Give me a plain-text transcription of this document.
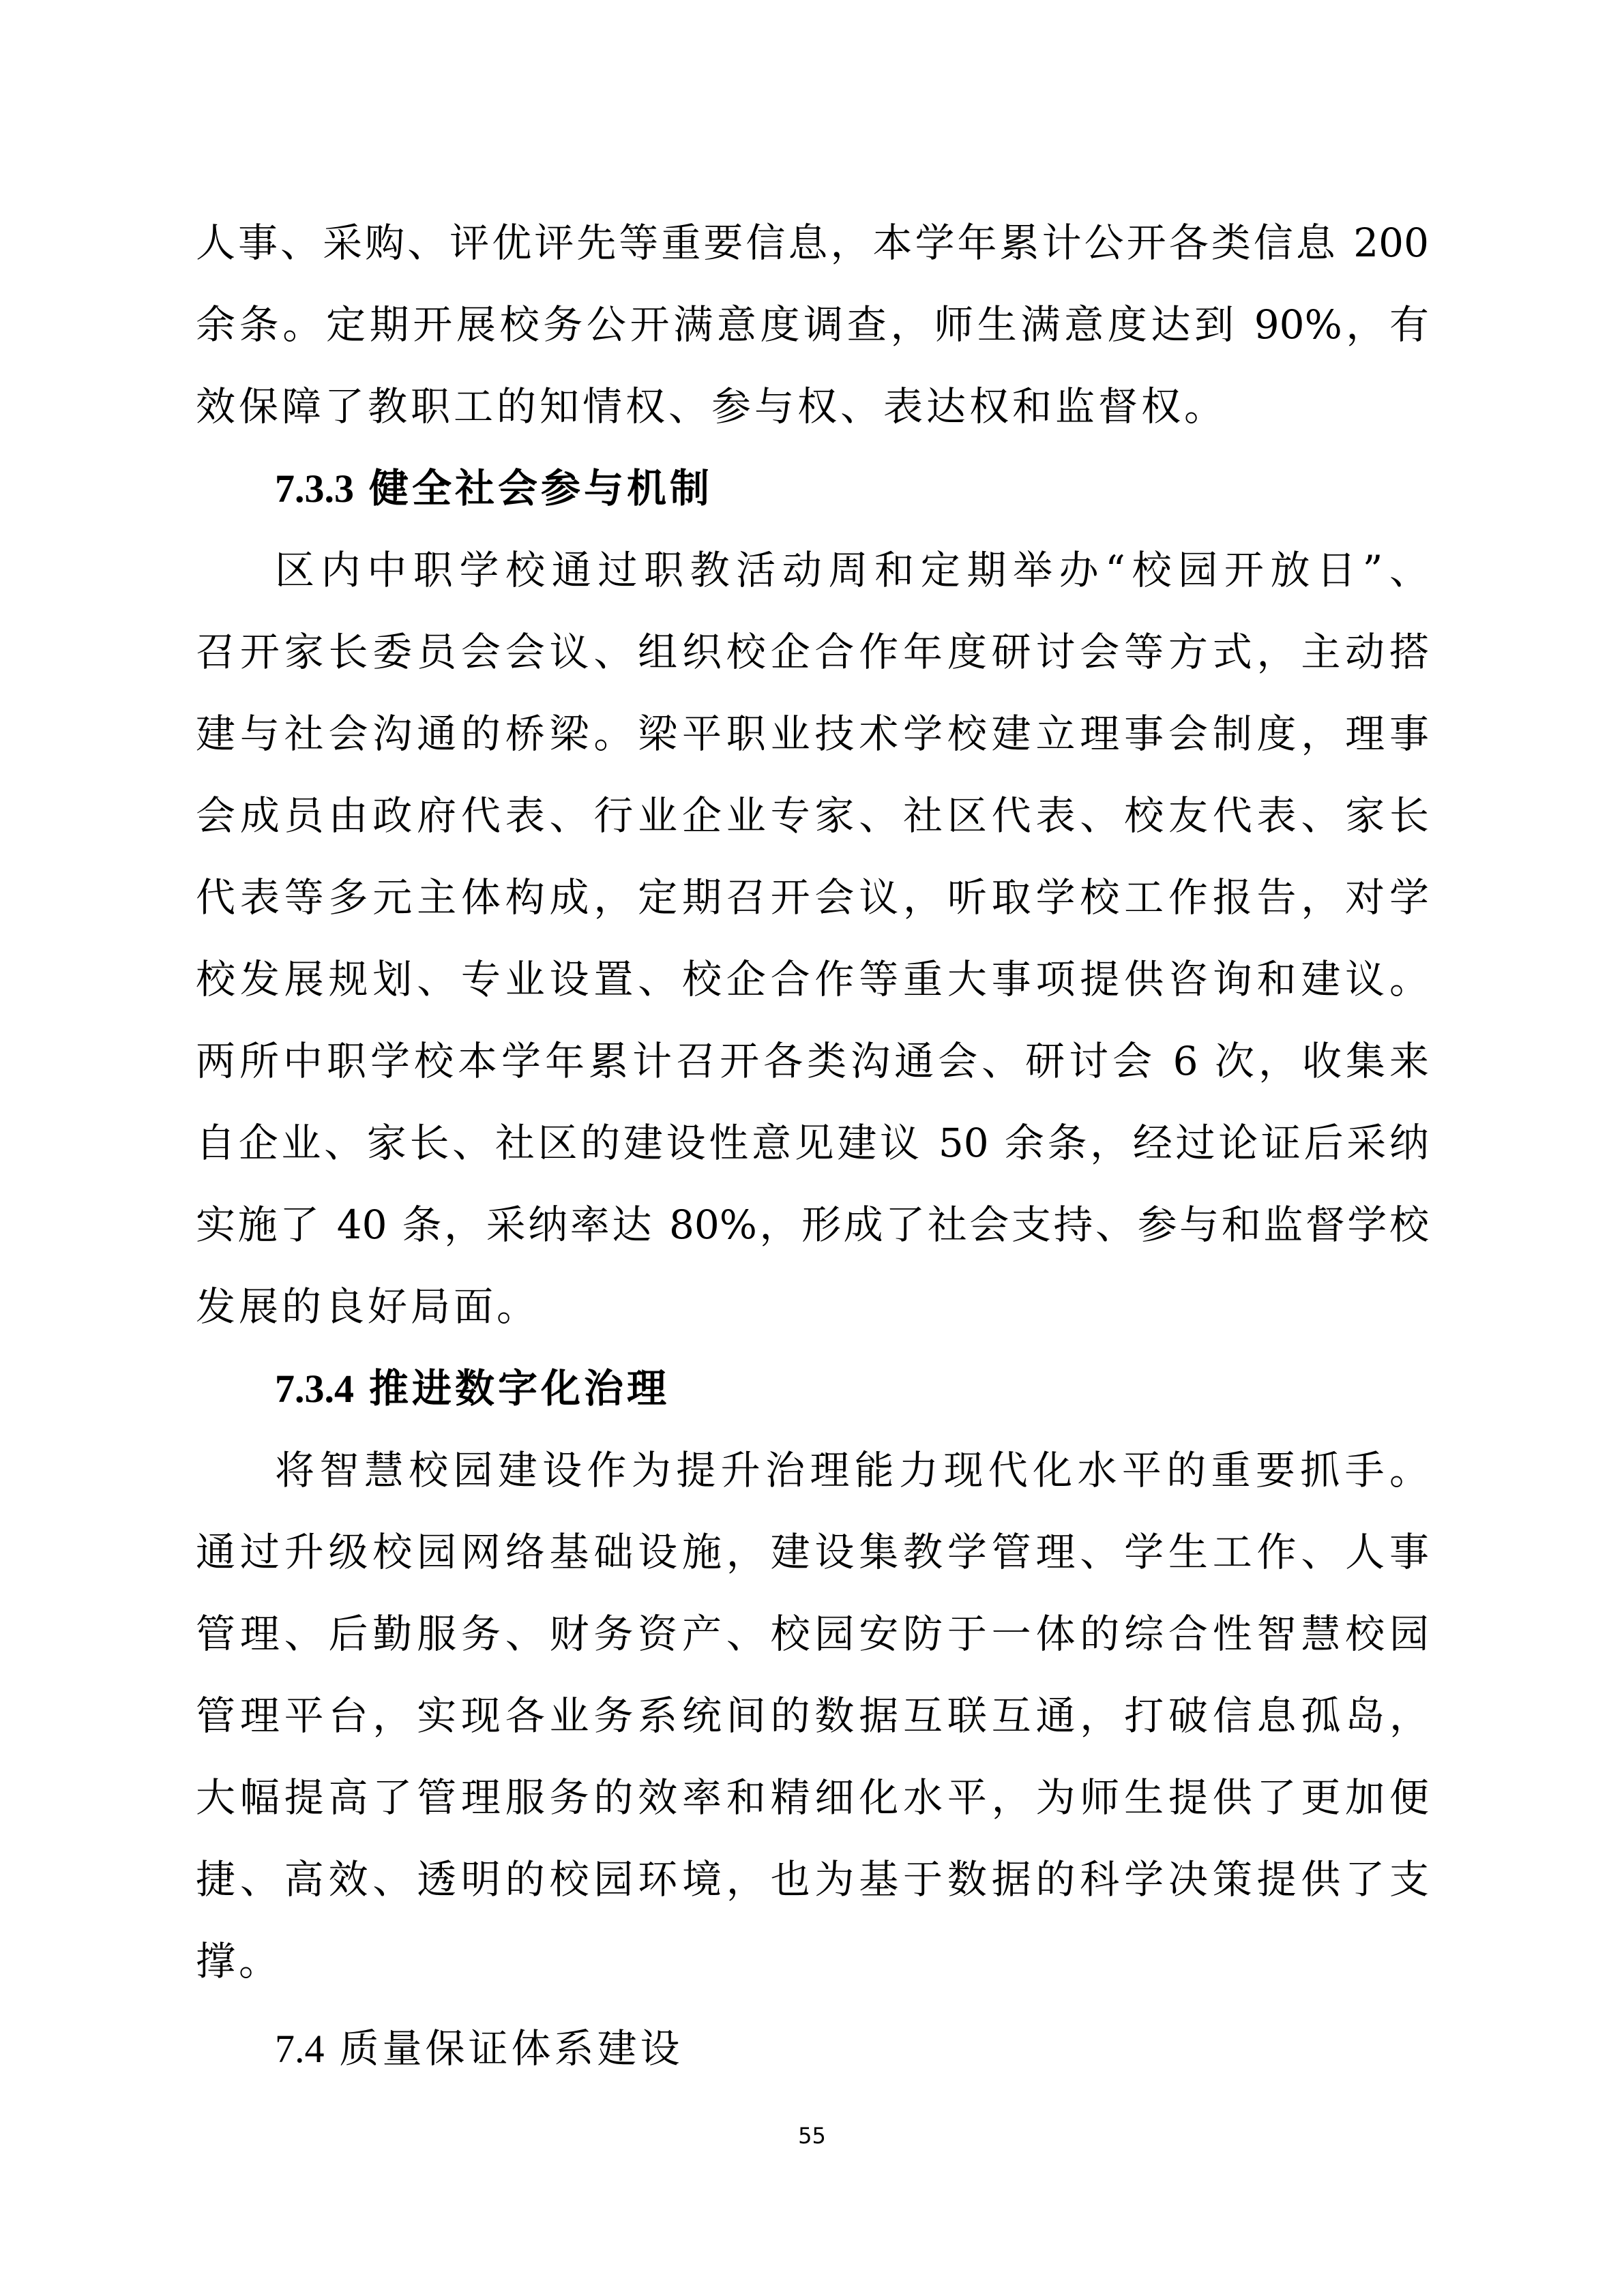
人事、采购、评优评先等重要信息，本学年累计公开各类信息 200
余条。定期开展校务公开满意度调查，师生满意度达到 90%，有
效保障了教职工的知情权、参与权、表达权和监督权。
7.3.3 健全社会参与机制
区内中职学校通过职教活动周和定期举办“校园开放日”、
召开家长委员会会议、组织校企合作年度研讨会等方式，主动搭
建与社会沟通的桥梁。梁平职业技术学校建立理事会制度，理事
会成员由政府代表、行业企业专家、社区代表、校友代表、家长
代表等多元主体构成，定期召开会议，听取学校工作报告，对学
校发展规划、专业设置、校企合作等重大事项提供咨询和建议。
两所中职学校本学年累计召开各类沟通会、研讨会 6 次，收集来
自企业、家长、社区的建设性意见建议 50 余条，经过论证后采纳
实施了 40 条，采纳率达 80%，形成了社会支持、参与和监督学校
发展的良好局面。
7.3.4 推进数字化治理
将智慧校园建设作为提升治理能力现代化水平的重要抓手。
通过升级校园网络基础设施，建设集教学管理、学生工作、人事
管理、后勤服务、财务资产、校园安防于一体的综合性智慧校园
管理平台，实现各业务系统间的数据互联互通，打破信息孤岛，
大幅提高了管理服务的效率和精细化水平，为师生提供了更加便
捷、高效、透明的校园环境，也为基于数据的科学决策提供了支
撑。
7.4 质量保证体系建设
55
